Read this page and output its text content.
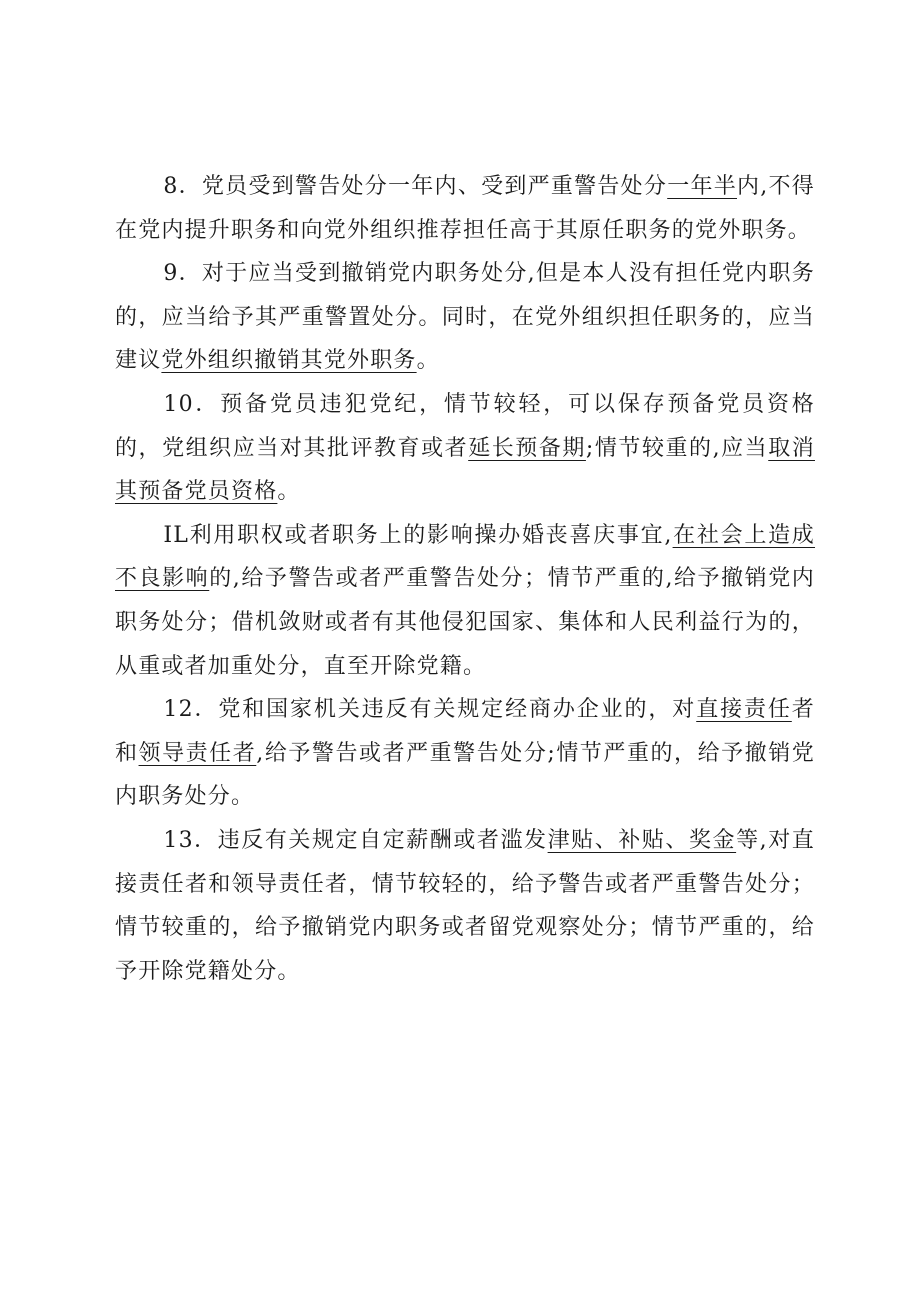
8．党员受到警告处分一年内、受到严重警告处分一年半内,不得在党内提升职务和向党外组织推荐担任高于其原任职务的党外职务。

9．对于应当受到撤销党内职务处分,但是本人没有担任党内职务的，应当给予其严重警置处分。同时，在党外组织担任职务的，应当建议党外组织撤销其党外职务。

10．预备党员违犯党纪，情节较轻，可以保存预备党员资格的，党组织应当对其批评教育或者延长预备期;情节较重的,应当取消其预备党员资格。

IL利用职权或者职务上的影响操办婚丧喜庆事宜,在社会上造成不良影响的,给予警告或者严重警告处分；情节严重的,给予撤销党内职务处分；借机敛财或者有其他侵犯国家、集体和人民利益行为的，从重或者加重处分，直至开除党籍。

12．党和国家机关违反有关规定经商办企业的，对直接责任者和领导责任者,给予警告或者严重警告处分;情节严重的，给予撤销党内职务处分。

13．违反有关规定自定薪酬或者滥发津贴、补贴、奖金等,对直接责任者和领导责任者，情节较轻的，给予警告或者严重警告处分；情节较重的，给予撤销党内职务或者留党观察处分；情节严重的，给予开除党籍处分。
